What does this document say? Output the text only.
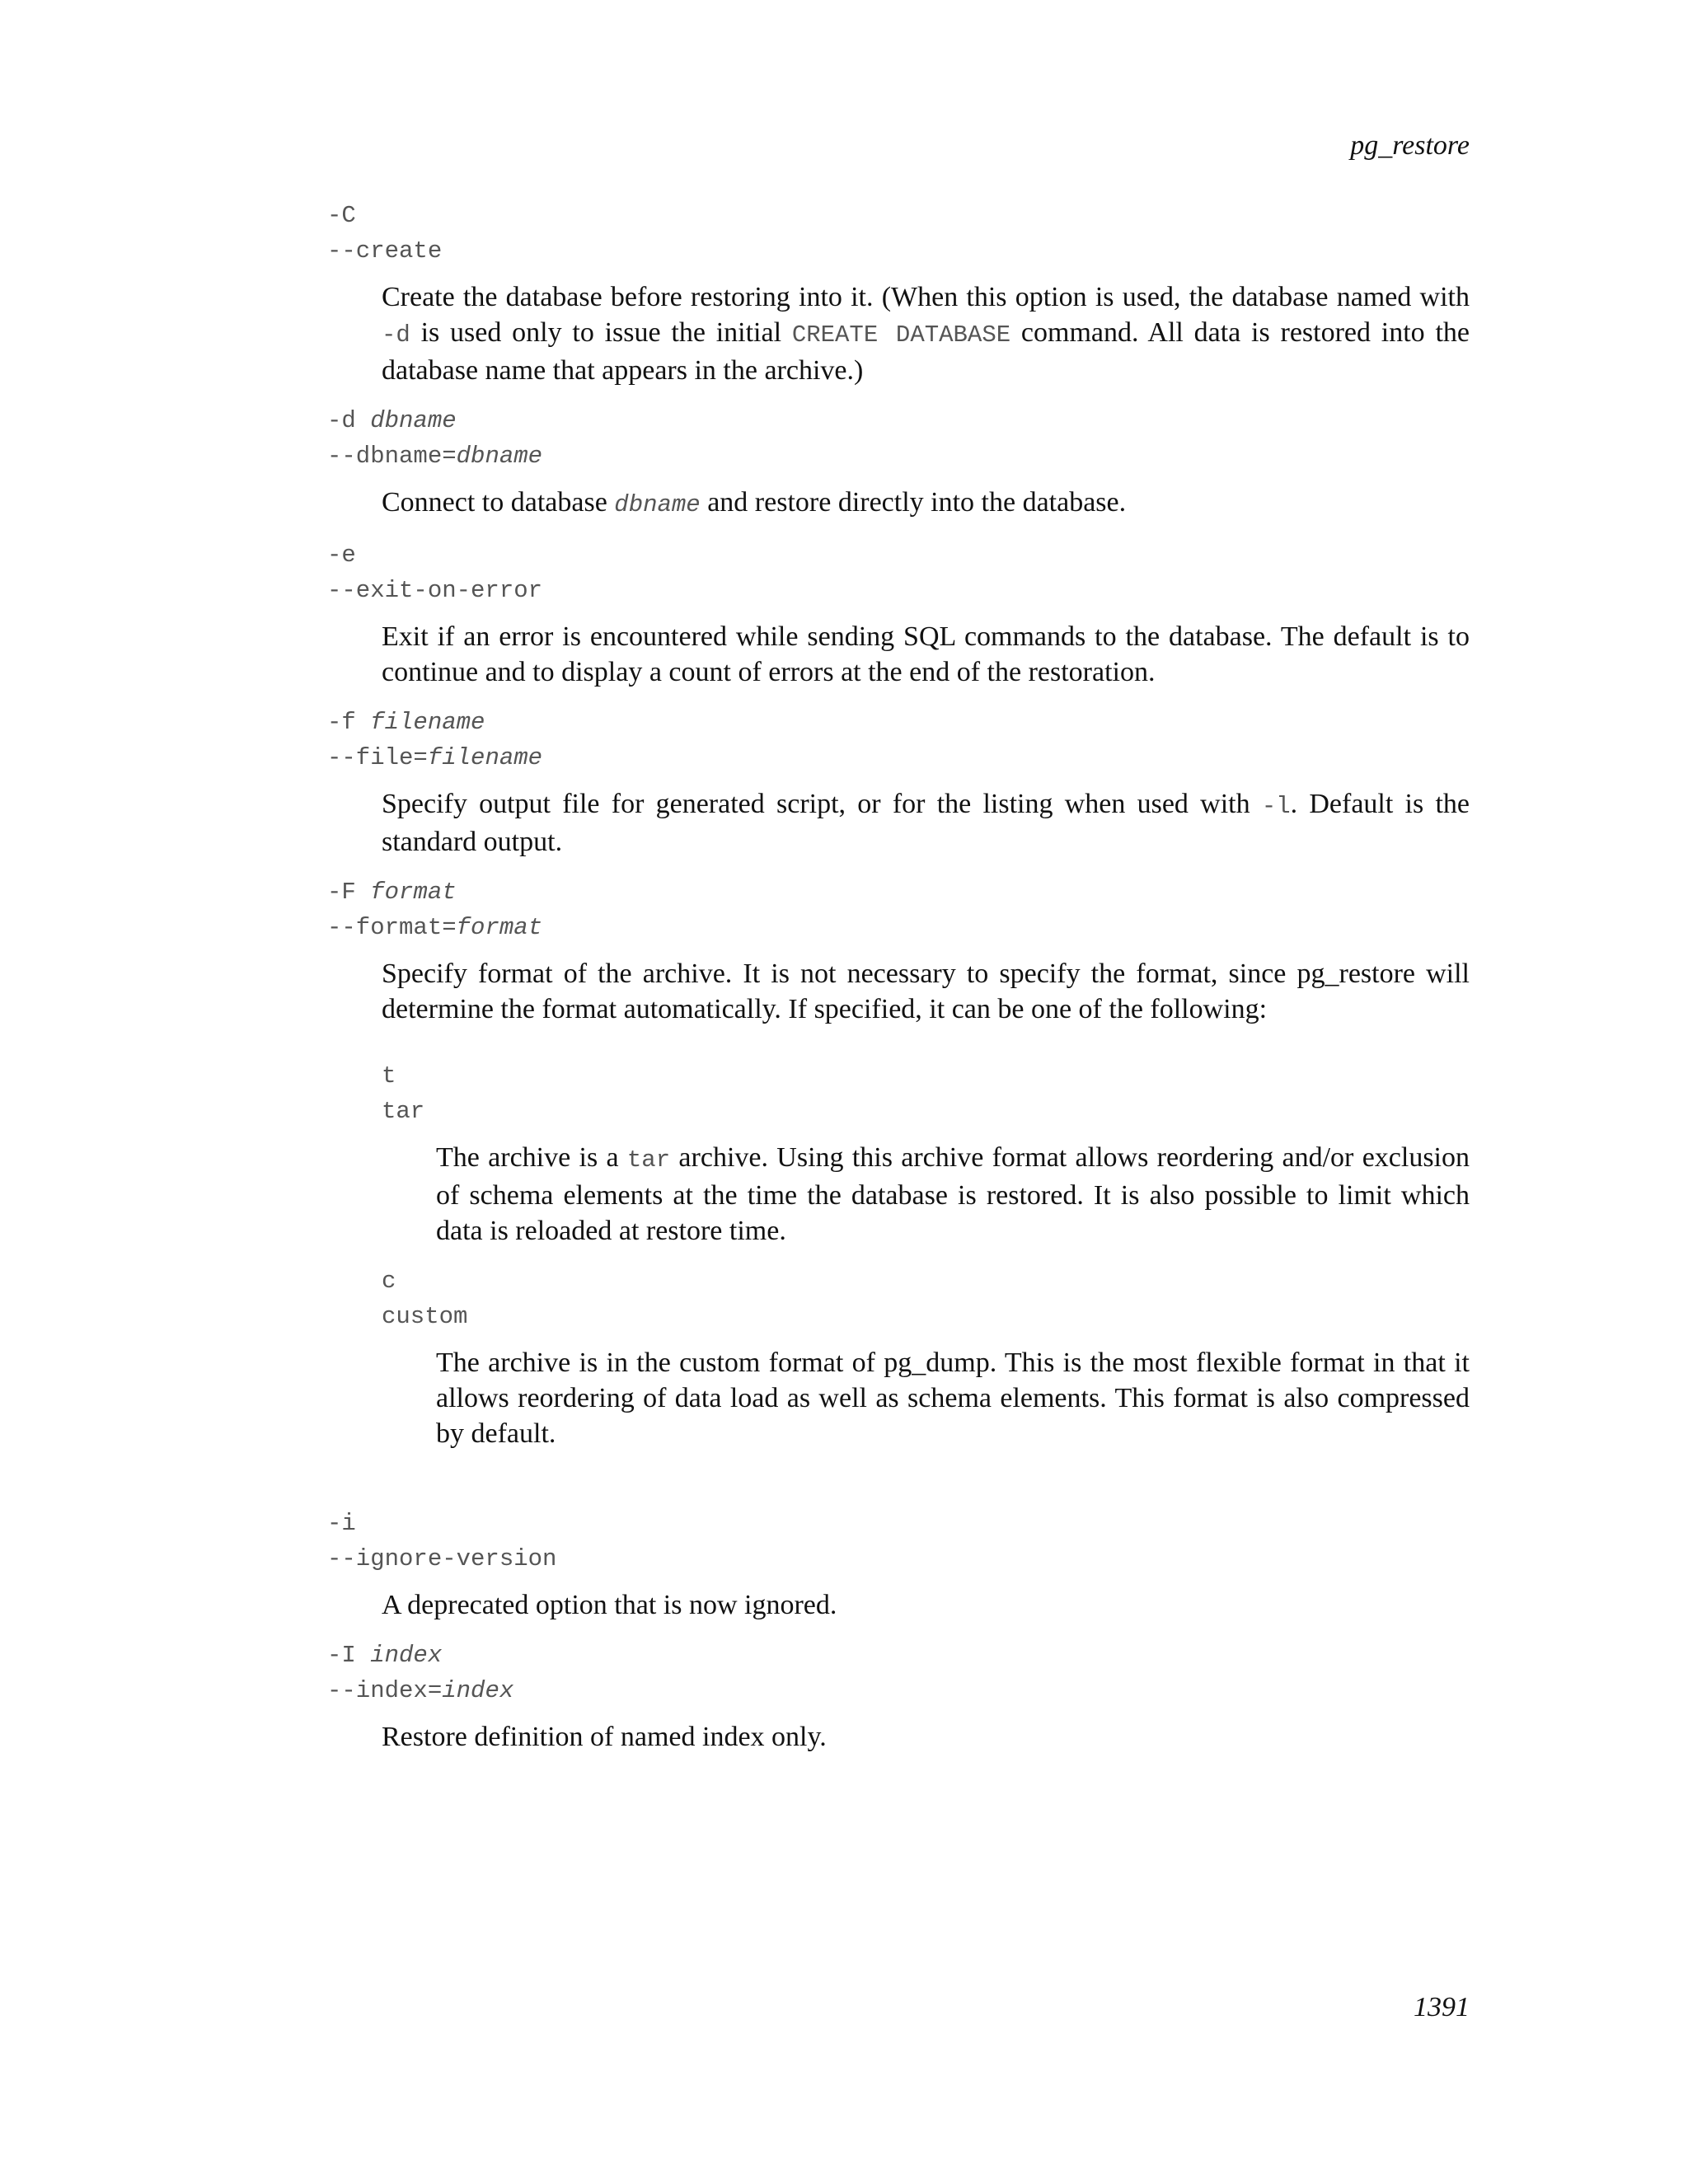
pg_restore
-C
--create
Create the database before restoring into it. (When this option is used, the database named with -d is used only to issue the initial CREATE DATABASE command. All data is restored into the database name that appears in the archive.)
-d dbname
--dbname=dbname
Connect to database dbname and restore directly into the database.
-e
--exit-on-error
Exit if an error is encountered while sending SQL commands to the database. The default is to continue and to display a count of errors at the end of the restoration.
-f filename
--file=filename
Specify output file for generated script, or for the listing when used with -l. Default is the standard output.
-F format
--format=format
Specify format of the archive. It is not necessary to specify the format, since pg_restore will determine the format automatically. If specified, it can be one of the following:
t
tar
The archive is a tar archive. Using this archive format allows reordering and/or exclusion of schema elements at the time the database is restored. It is also possible to limit which data is reloaded at restore time.
c
custom
The archive is in the custom format of pg_dump. This is the most flexible format in that it allows reordering of data load as well as schema elements. This format is also compressed by default.
-i
--ignore-version
A deprecated option that is now ignored.
-I index
--index=index
Restore definition of named index only.
1391
